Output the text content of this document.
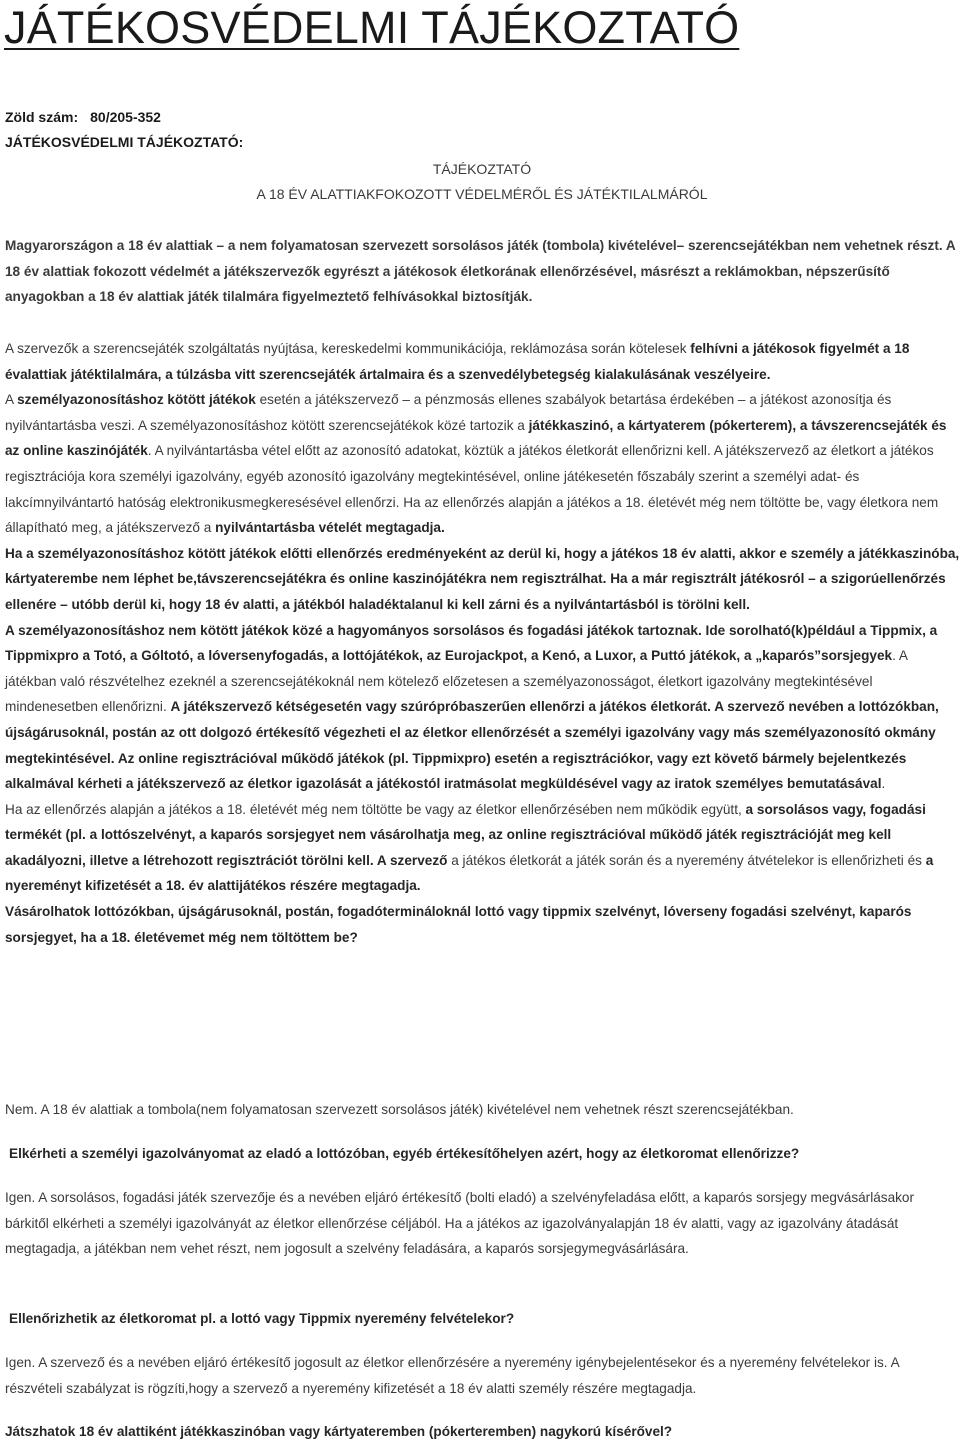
JÁTÉKOSVÉDELMI TÁJÉKOZTATÓ
Zöld szám: 80/205-352
JÁTÉKOSVÉDELMI TÁJÉKOZTATÓ:
TÁJÉKOZTATÓ
A 18 ÉV ALATTIAKFOKOZOTT VÉDELMÉRŐL ÉS JÁTÉKTILALMÁRÓL

Magyarországon a 18 év alattiak – a nem folyamatosan szervezett sorsolásos játék (tombola) kivételével– szerencsejátékban nem vehetnek részt. A 18 év alattiak fokozott védelmét a játékszervezők egyrészt a játékosok életkorának ellenőrzésével, másrészt a reklámokban, népszerűsítő anyagokban a 18 év alattiak játék tilalmára figyelmeztető felhívásokkal biztosítják.

A szervezők a szerencsejáték szolgáltatás nyújtása, kereskedelmi kommunikációja, reklámozása során kötelesek felhívni a játékosok figyelmét a 18 évalattiak játéktilalmára, a túlzásba vitt szerencsejáték ártalmaira és a szenvedélybetegség kialakulásának veszélyeire.
A személyazonosításhoz kötött játékok esetén a játékszervező – a pénzmosás ellenes szabályok betartása érdekében – a játékost azonosítja és nyilvántartásba veszi. A személyazonosításhoz kötött szerencsejátékok közé tartozik a játékkaszinó, a kártyaterem (pókerterem), a távszerencsejáték és az online kaszinójáték. A nyilvántartásba vétel előtt az azonosító adatokat, köztük a játékos életkorát ellenőrizni kell. A játékszervező az életkort a játékos regisztrációja kora személyi igazolvány, egyéb azonosító igazolvány megtekintésével, online játékesetén főszabály szerint a személyi adat- és lakcímnyilvántartó hatóság elektronikusmegkeresésével ellenőrzi. Ha az ellenőrzés alapján a játékos a 18. életévét még nem töltötte be, vagy életkora nem állapítható meg, a játékszervező a nyilvántartásba vételét megtagadja.
Ha a személyazonosításhoz kötött játékok előtti ellenőrzés eredményeként az derül ki, hogy a játékos 18 év alatti, akkor e személy a játékkaszinóba, kártyaterembe nem léphet be,távszerencsejátékra és online kaszinójátékra nem regisztrálhat. Ha a már regisztrált játékosról – a szigorúellenőrzés ellenére – utóbb derül ki, hogy 18 év alatti, a játékból haladéktalanul ki kell zárni és a nyilvántartásból is törölni kell.
A személyazonosításhoz nem kötött játékok közé a hagyományos sorsolásos és fogadási játékok tartoznak. Ide sorolható(k)például a Tippmix, a Tippmixpro a Totó, a Góltotó, a lóversenyfogadás, a lottójátékok, az Eurojackpot, a Kenó, a Luxor, a Puttó játékok, a „kaparós”sorsjegyek. A játékban való részvételhez ezeknél a szerencsejátékoknál nem kötelező előzetesen a személyazonosságot, életkort igazolvány megtekintésével mindenesetben ellenőrizni. A játékszervező kétségesetén vagy szúrópróbaszerűen ellenőrzi a játékos életkorát. A szervező nevében a lottózókban, újságárusoknál, postán az ott dolgozó értékesítő végezheti el az életkor ellenőrzését a személyi igazolvány vagy más személyazonosító okmány megtekintésével. Az online regisztrációval működő játékok (pl. Tippmixpro) esetén a regisztrációkor, vagy ezt követő bármely bejelentkezés alkalmával kérheti a játékszervező az életkor igazolását a játékostól iratmásolat megküldésével vagy az iratok személyes bemutatásával.
Ha az ellenőrzés alapján a játékos a 18. életévét még nem töltötte be vagy az életkor ellenőrzésében nem működik együtt, a sorsolásos vagy, fogadási termékét (pl. a lottószelvényt, a kaparós sorsjegyet nem vásárolhatja meg, az online regisztrációval működő játék regisztrációját meg kell akadályozni, illetve a létrehozott regisztrációt törölni kell. A szervező a játékos életkorát a játék során és a nyeremény átvételekor is ellenőrizheti és a nyereményt kifizetését a 18. év alattijátékos részére megtagadja.
Vásárolhatok lottózókban, újságárusoknál, postán, fogadótermináloknál lottó vagy tippmix szelvényt, lóverseny fogadási szelvényt, kaparós sorsjegyet, ha a 18. életévemet még nem töltöttem be?

Nem. A 18 év alattiak a tombola(nem folyamatosan szervezett sorsolásos játék) kivételével nem vehetnek részt szerencsejátékban.

Elkérheti a személyi igazolványomat az eladó a lottózóban, egyéb értékesítőhelyen azért, hogy az életkoromat ellenőrizze?

Igen. A sorsolásos, fogadási játék szervezője és a nevében eljáró értékesítő (bolti eladó) a szelvényfeladása előtt, a kaparós sorsjegy megvásárlásakor bárkitől elkérheti a személyi igazolványát az életkor ellenőrzése céljából. Ha a játékos az igazolványalapján 18 év alatti, vagy az igazolvány átadását megtagadja, a játékban nem vehet részt, nem jogosult a szelvény feladására, a kaparós sorsjegymegvásárlására.

Ellenőrizhetik az életkoromat pl. a lottó vagy Tippmix nyeremény felvételekor?

Igen. A szervező és a nevében eljáró értékesítő jogosult az életkor ellenőrzésére a nyeremény igénybejelentésekor és a nyeremény felvételekor is. A részvételi szabályzat is rögzíti,hogy a szervező a nyeremény kifizetését a 18 év alatti személy részére megtagadja.

Játszhatok 18 év alattiként játékkaszinóban vagy kártyateremben (pókerteremben) nagykorú kísérővel?
